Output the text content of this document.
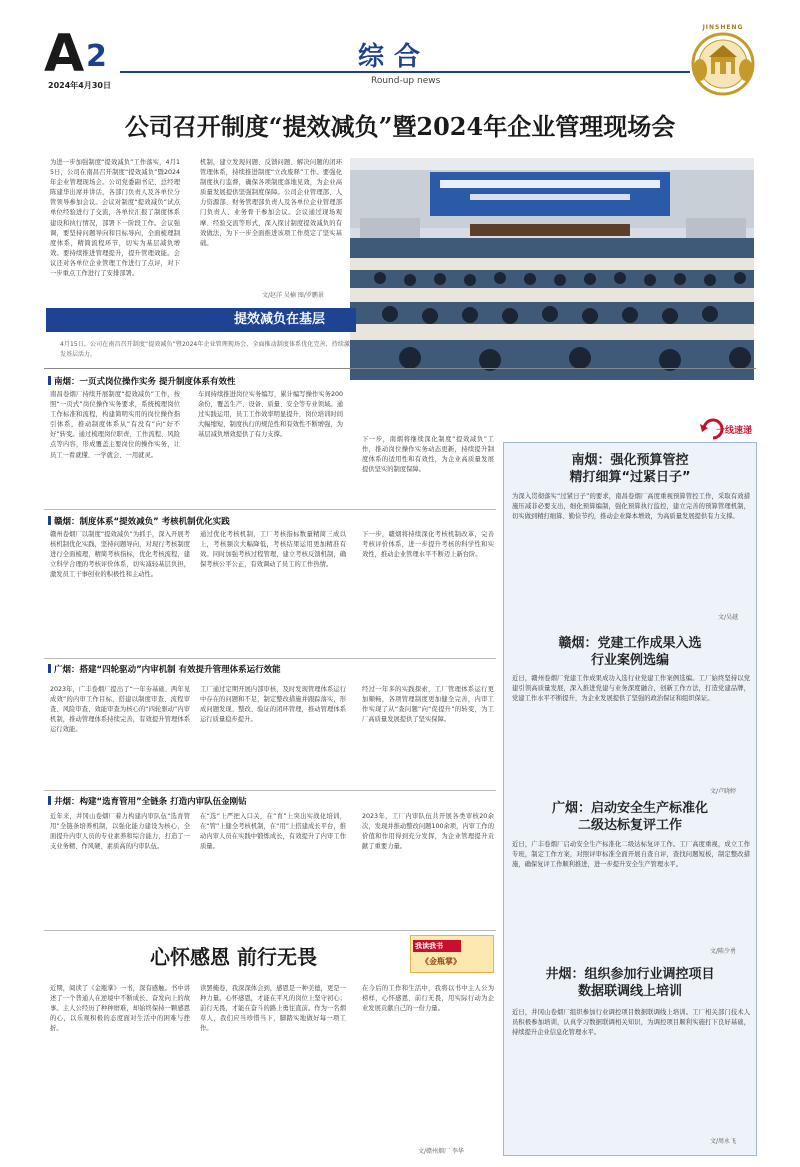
A 2
2024年4月30日
综合
Round-up news
JINSHENG
公司召开制度“提效减负”暨2024年企业管理现场会
为进一步加强制度“提效减负”工作落实，4月15日，公司在南昌召开制度“提效减负”暨2024年企业管理现场会。公司党委副书记、总经理陈建华出席并讲话，各部门负责人及各单位分管领导参加会议。会议对制度“提效减负”试点单位经验进行了交流，各单位汇报了制度体系建设和执行情况，部署下一阶段工作。会议强调，要坚持问题导向和目标导向，全面梳理制度体系，精简流程环节，切实为基层减负增效。要持续推进管理提升，提升管理效能。会议还对各单位企业管理工作进行了点评，对下一步重点工作进行了安排部署。
机制，建立发现问题、反馈问题、解决问题的闭环管理体系，持续推进制度“立改废释”工作。要强化制度执行监督，确保各项制度落地见效，为企业高质量发展提供坚强制度保障。公司企业管理部、人力资源部、财务管理部负责人及各单位企业管理部门负责人、业务骨干参加会议。会议通过现场观摩、经验交流等形式，深入探讨制度提效减负的有效做法，为下一步全面推进该项工作奠定了坚实基础。
文/赵洋 吴楠 图/罗鹏景
提效减负在基层
4月15日，公司在南昌召开制度“提效减负”暨2024年企业管理现场会，全面推动制度体系优化完善，持续激发基层活力。
南烟：一页式岗位操作实务 提升制度体系有效性
南昌卷烟厂持续开展制度“提效减负”工作，按照“一页式”岗位操作实务要求，系统梳理岗位工作标准和流程，构建简明实用的岗位操作指引体系，推动制度体系从“有没有”向“好不好”转变。通过梳理岗位职责、工作流程、风险点等内容，形成覆盖主要岗位的操作实务，让员工一看就懂、一学就会、一用就灵。
车间持续推进岗位实务编写，累计编写操作实务200余份，覆盖生产、设备、质量、安全等专业领域。通过实践运用，员工工作效率明显提升，岗位培训时间大幅缩短，制度执行的规范性和有效性不断增强，为基层减负增效提供了有力支撑。
下一步，南烟将继续深化制度“提效减负”工作，推动岗位操作实务动态更新，持续提升制度体系的适用性和有效性，为企业高质量发展提供坚实的制度保障。
赣烟：制度体系“提效减负” 考核机制优化实践
赣州卷烟厂以制度“提效减负”为抓手，深入开展考核机制优化实践，坚持问题导向，对现行考核制度进行全面梳理，精简考核指标，优化考核流程，建立科学合理的考核评价体系，切实减轻基层负担，激发员工干事创业的积极性和主动性。
通过优化考核机制，工厂考核指标数量精简三成以上，考核频次大幅降低，考核结果运用更加精准有效。同时加强考核过程管理，建立考核反馈机制，确保考核公平公正，有效调动了员工的工作热情。
下一步，赣烟将持续深化考核机制改革，完善考核评价体系，进一步提升考核的科学性和实效性，推动企业管理水平不断迈上新台阶。
广烟：搭建“四轮驱动”内审机制 有效提升管理体系运行效能
2023年，广丰卷烟厂提出了“一年夯基础、两年见成效”的内审工作目标，搭建以制度审查、流程审查、风险审查、效能审查为核心的“四轮驱动”内审机制，推动管理体系持续完善，有效提升管理体系运行效能。
工厂通过定期开展内部审核，及时发现管理体系运行中存在的问题和不足，制定整改措施并跟踪落实，形成问题发现、整改、验证的闭环管理，推动管理体系运行质量稳步提升。
经过一年多的实践探索，工厂管理体系运行更加顺畅，各项管理制度更加健全完善，内审工作实现了从“查问题”向“促提升”的转变，为工厂高质量发展提供了坚实保障。
井烟：构建“选育管用”全链条 打造内审队伍金刚钻
近年来，井冈山卷烟厂着力构建内审队伍“选育管用”全链条培养机制，以强化能力建设为核心，全面提升内审人员的专业素养和综合能力，打造了一支业务精、作风硬、素质高的内审队伍。
在“选”上严把入口关，在“育”上突出实战化培训，在“管”上健全考核机制，在“用”上搭建成长平台，推动内审人员在实践中锻炼成长，有效提升了内审工作质量。
2023年，工厂内审队伍共开展各类审核20余次，发现并推动整改问题100余项，内审工作的价值和作用得到充分发挥，为企业管理提升贡献了重要力量。
心怀感恩 前行无畏	我读我书
《金瓶掌》
近期，阅读了《金瓶掌》一书，深有感触。书中讲述了一个普通人在逆境中不断成长、奋发向上的故事。主人公经历了种种磨难，却始终保持一颗感恩的心，以乐观积极的态度面对生活中的困难与挫折。
读罢掩卷，我深深体会到，感恩是一种美德，更是一种力量。心怀感恩，才能在平凡的岗位上坚守初心；前行无畏，才能在奋斗的路上勇往直前。作为一名烟草人，我们应当珍惜当下，脚踏实地做好每一项工作。
在今后的工作和生活中，我将以书中主人公为榜样，心怀感恩、前行无畏，用实际行动为企业发展贡献自己的一份力量。
文/赣州烟厂 李华
一线速递
南烟：强化预算管控
精打细算“过紧日子”
为深入贯彻落实“过紧日子”的要求，南昌卷烟厂高度重视预算管控工作，采取有效措施压减非必要支出，细化预算编制，强化预算执行监控，建立完善的预算管理机制，切实做到精打细算、勤俭节约，推动企业降本增效，为高质量发展提供有力支撑。
文/吴越
赣烟：党建工作成果入选
行业案例选编
近日，赣州卷烟厂党建工作成果成功入选行业党建工作案例选编。工厂始终坚持以党建引领高质量发展，深入推进党建与业务深度融合，创新工作方法，打造党建品牌，党建工作水平不断提升，为企业发展提供了坚强的政治保证和组织保证。
文/卢晓婷
广烟：启动安全生产标准化
二级达标复评工作
近日，广丰卷烟厂启动安全生产标准化二级达标复评工作。工厂高度重视，成立工作专班，制定工作方案，对照评审标准全面开展自查自评，查找问题短板，制定整改措施，确保复评工作顺利推进，进一步提升安全生产管理水平。
文/陈少勇
井烟：组织参加行业调控项目
数据联调线上培训
近日，井冈山卷烟厂组织参加行业调控项目数据联调线上培训。工厂相关部门技术人员积极参加培训，认真学习数据联调相关知识，为调控项目顺利实施打下良好基础，持续提升企业信息化管理水平。
文/周永飞
